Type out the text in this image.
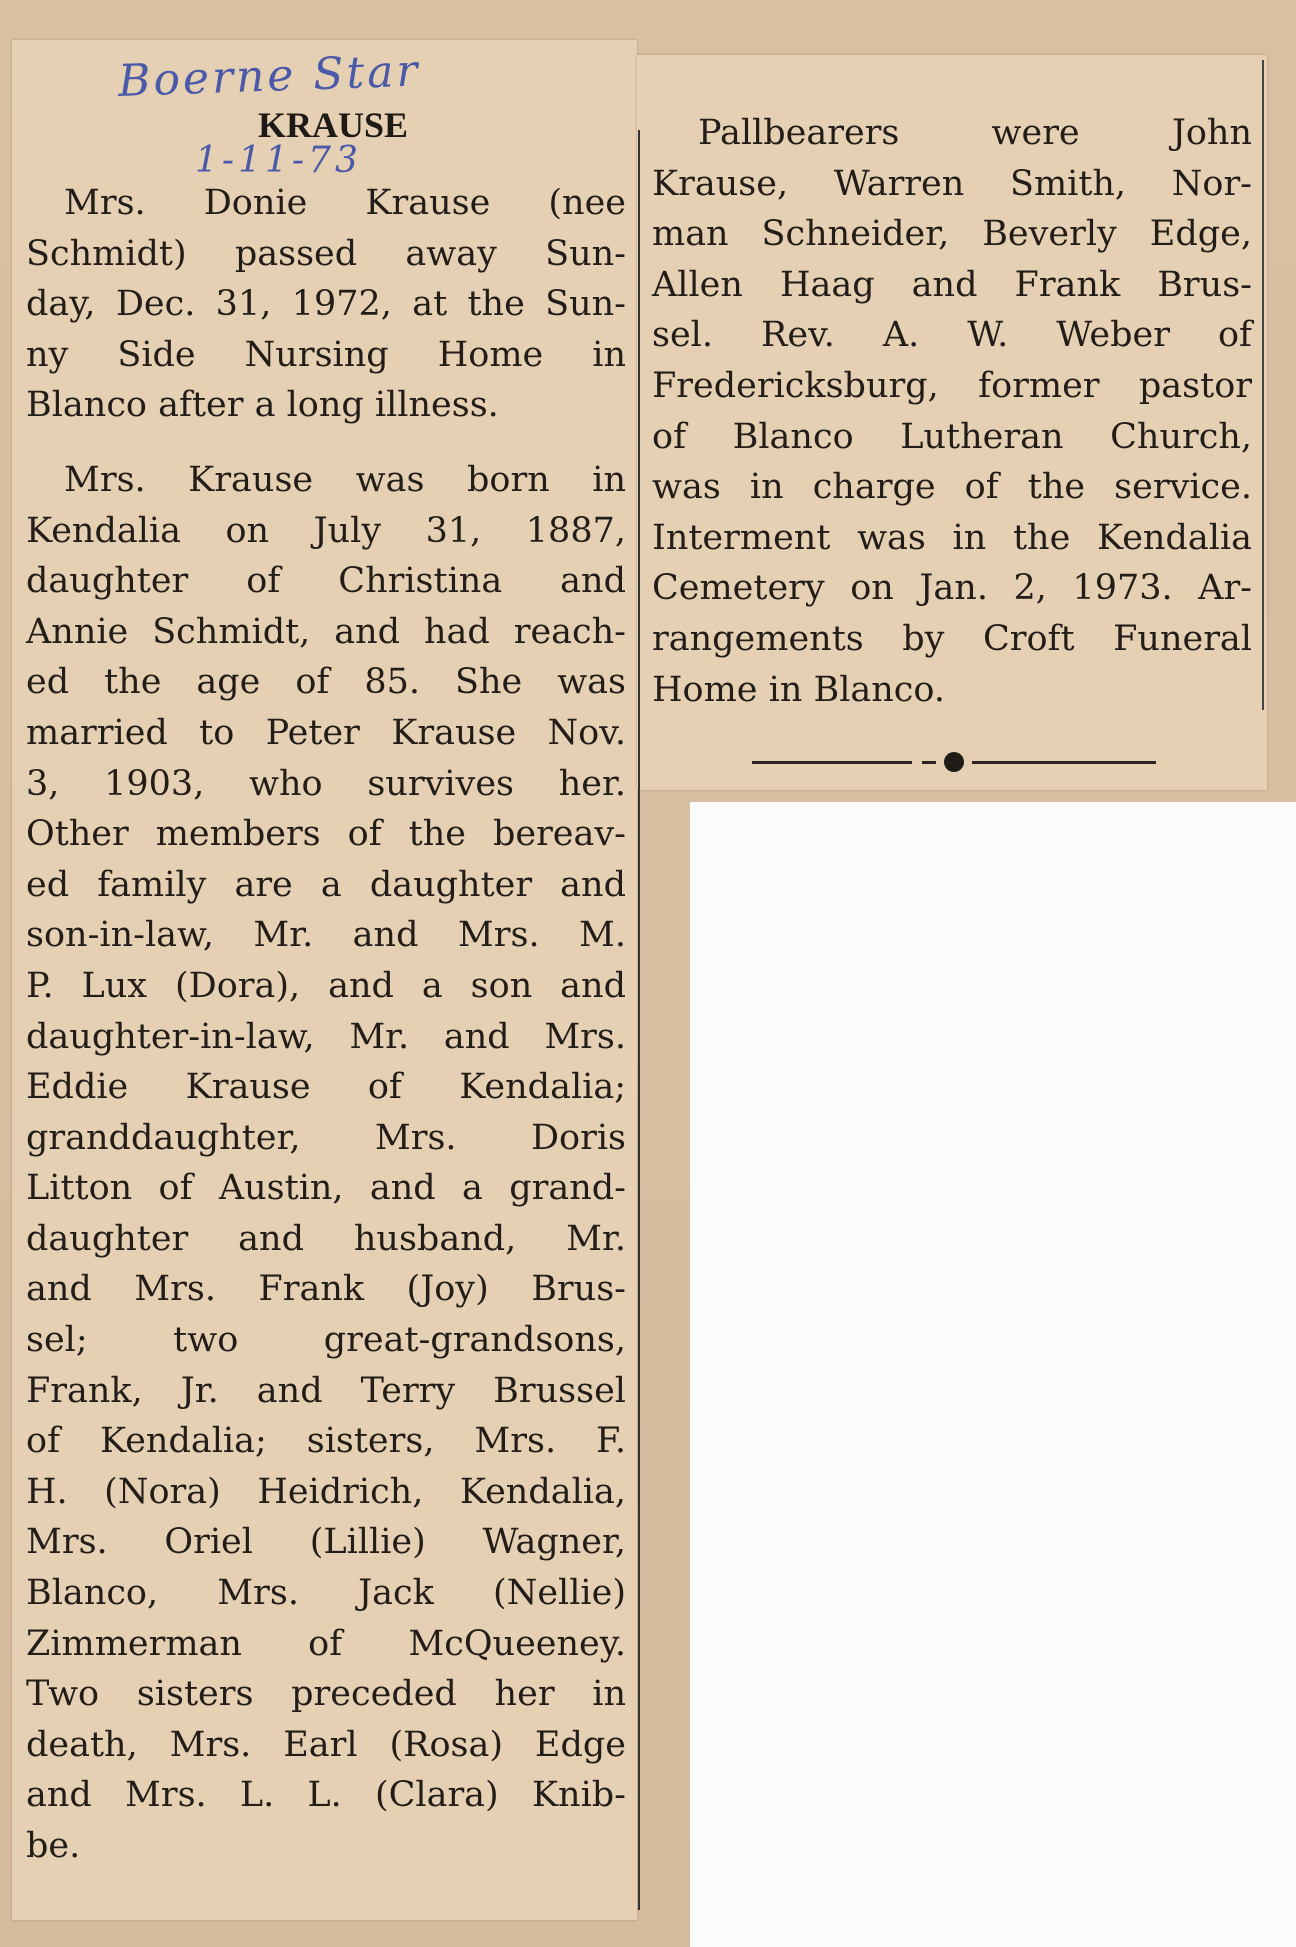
Boerne Star
1-11-73
KRAUSE
Mrs. Donie Krause (nee
Schmidt) passed away Sun-
day, Dec. 31, 1972, at the Sun-
ny Side Nursing Home in
Blanco after a long illness.
Mrs. Krause was born in
Kendalia on July 31, 1887,
daughter of Christina and
Annie Schmidt, and had reach-
ed the age of 85. She was
married to Peter Krause Nov.
3, 1903, who survives her.
Other members of the bereav-
ed family are a daughter and
son-in-law, Mr. and Mrs. M.
P. Lux (Dora), and a son and
daughter-in-law, Mr. and Mrs.
Eddie Krause of Kendalia;
granddaughter, Mrs. Doris
Litton of Austin, and a grand-
daughter and husband, Mr.
and Mrs. Frank (Joy) Brus-
sel; two great-grandsons,
Frank, Jr. and Terry Brussel
of Kendalia; sisters, Mrs. F.
H. (Nora) Heidrich, Kendalia,
Mrs. Oriel (Lillie) Wagner,
Blanco, Mrs. Jack (Nellie)
Zimmerman of McQueeney.
Two sisters preceded her in
death, Mrs. Earl (Rosa) Edge
and Mrs. L. L. (Clara) Knib-
be.
Pallbearers were John
Krause, Warren Smith, Nor-
man Schneider, Beverly Edge,
Allen Haag and Frank Brus-
sel. Rev. A. W. Weber of
Fredericksburg, former pastor
of Blanco Lutheran Church,
was in charge of the service.
Interment was in the Kendalia
Cemetery on Jan. 2, 1973. Ar-
rangements by Croft Funeral
Home in Blanco.
